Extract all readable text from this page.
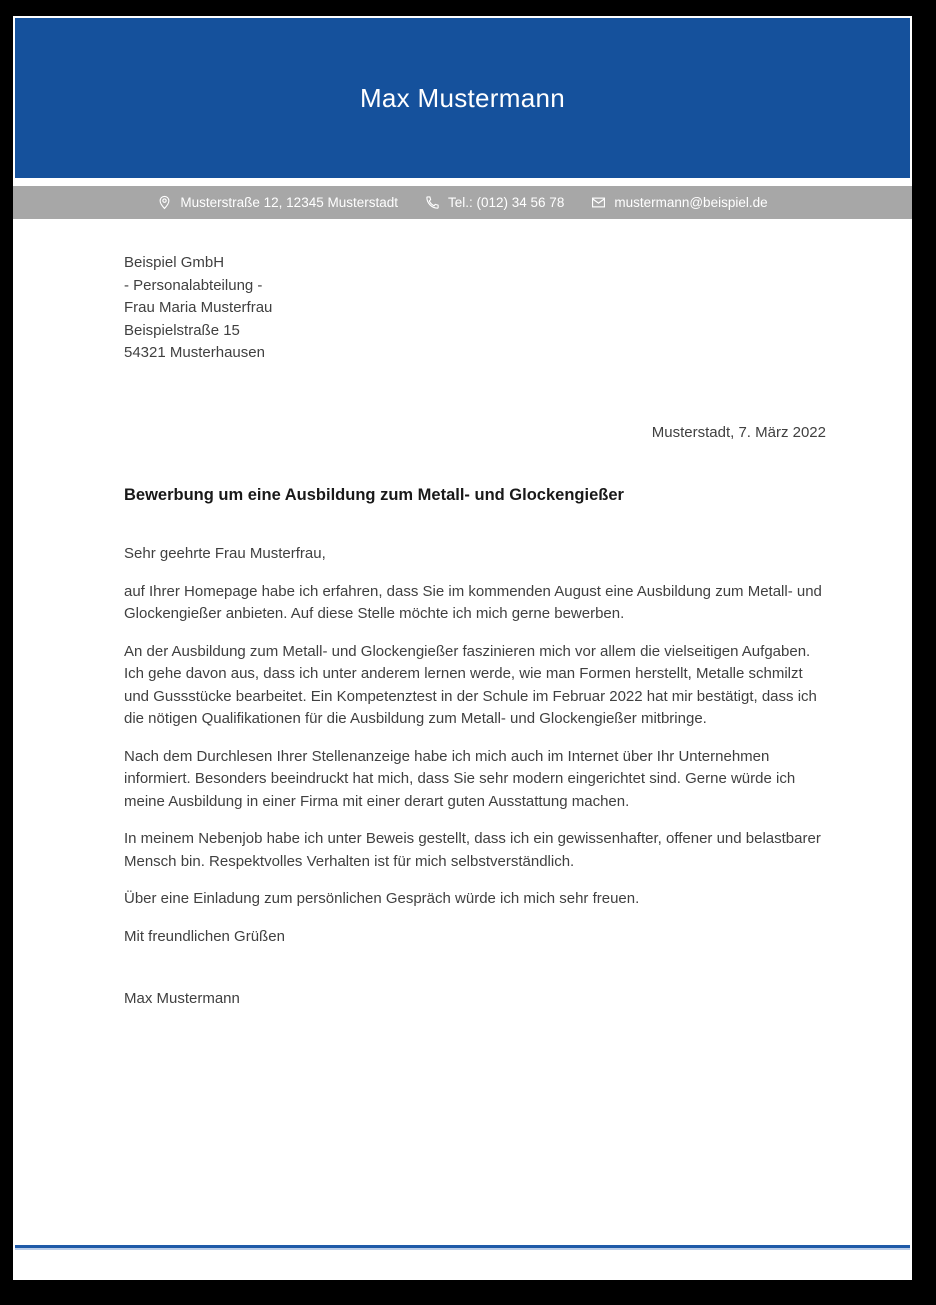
Max Mustermann
Musterstraße 12, 12345 Musterstadt	Tel.: (012) 34 56 78	mustermann@beispiel.de
Beispiel GmbH
- Personalabteilung -
Frau Maria Musterfrau
Beispielstraße 15
54321 Musterhausen
Musterstadt, 7. März 2022
Bewerbung um eine Ausbildung zum Metall- und Glockengießer

Sehr geehrte Frau Musterfrau,

auf Ihrer Homepage habe ich erfahren, dass Sie im kommenden August eine Ausbildung zum Metall- und Glockengießer anbieten. Auf diese Stelle möchte ich mich gerne bewerben.

An der Ausbildung zum Metall- und Glockengießer faszinieren mich vor allem die vielseitigen Aufgaben. Ich gehe davon aus, dass ich unter anderem lernen werde, wie man Formen herstellt, Metalle schmilzt und Gussstücke bearbeitet. Ein Kompetenztest in der Schule im Februar 2022 hat mir bestätigt, dass ich die nötigen Qualifikationen für die Ausbildung zum Metall- und Glockengießer mitbringe.

Nach dem Durchlesen Ihrer Stellenanzeige habe ich mich auch im Internet über Ihr Unternehmen informiert. Besonders beeindruckt hat mich, dass Sie sehr modern eingerichtet sind. Gerne würde ich meine Ausbildung in einer Firma mit einer derart guten Ausstattung machen.

In meinem Nebenjob habe ich unter Beweis gestellt, dass ich ein gewissenhafter, offener und belastbarer Mensch bin. Respektvolles Verhalten ist für mich selbstverständlich.

Über eine Einladung zum persönlichen Gespräch würde ich mich sehr freuen.

Mit freundlichen Grüßen

Max Mustermann
